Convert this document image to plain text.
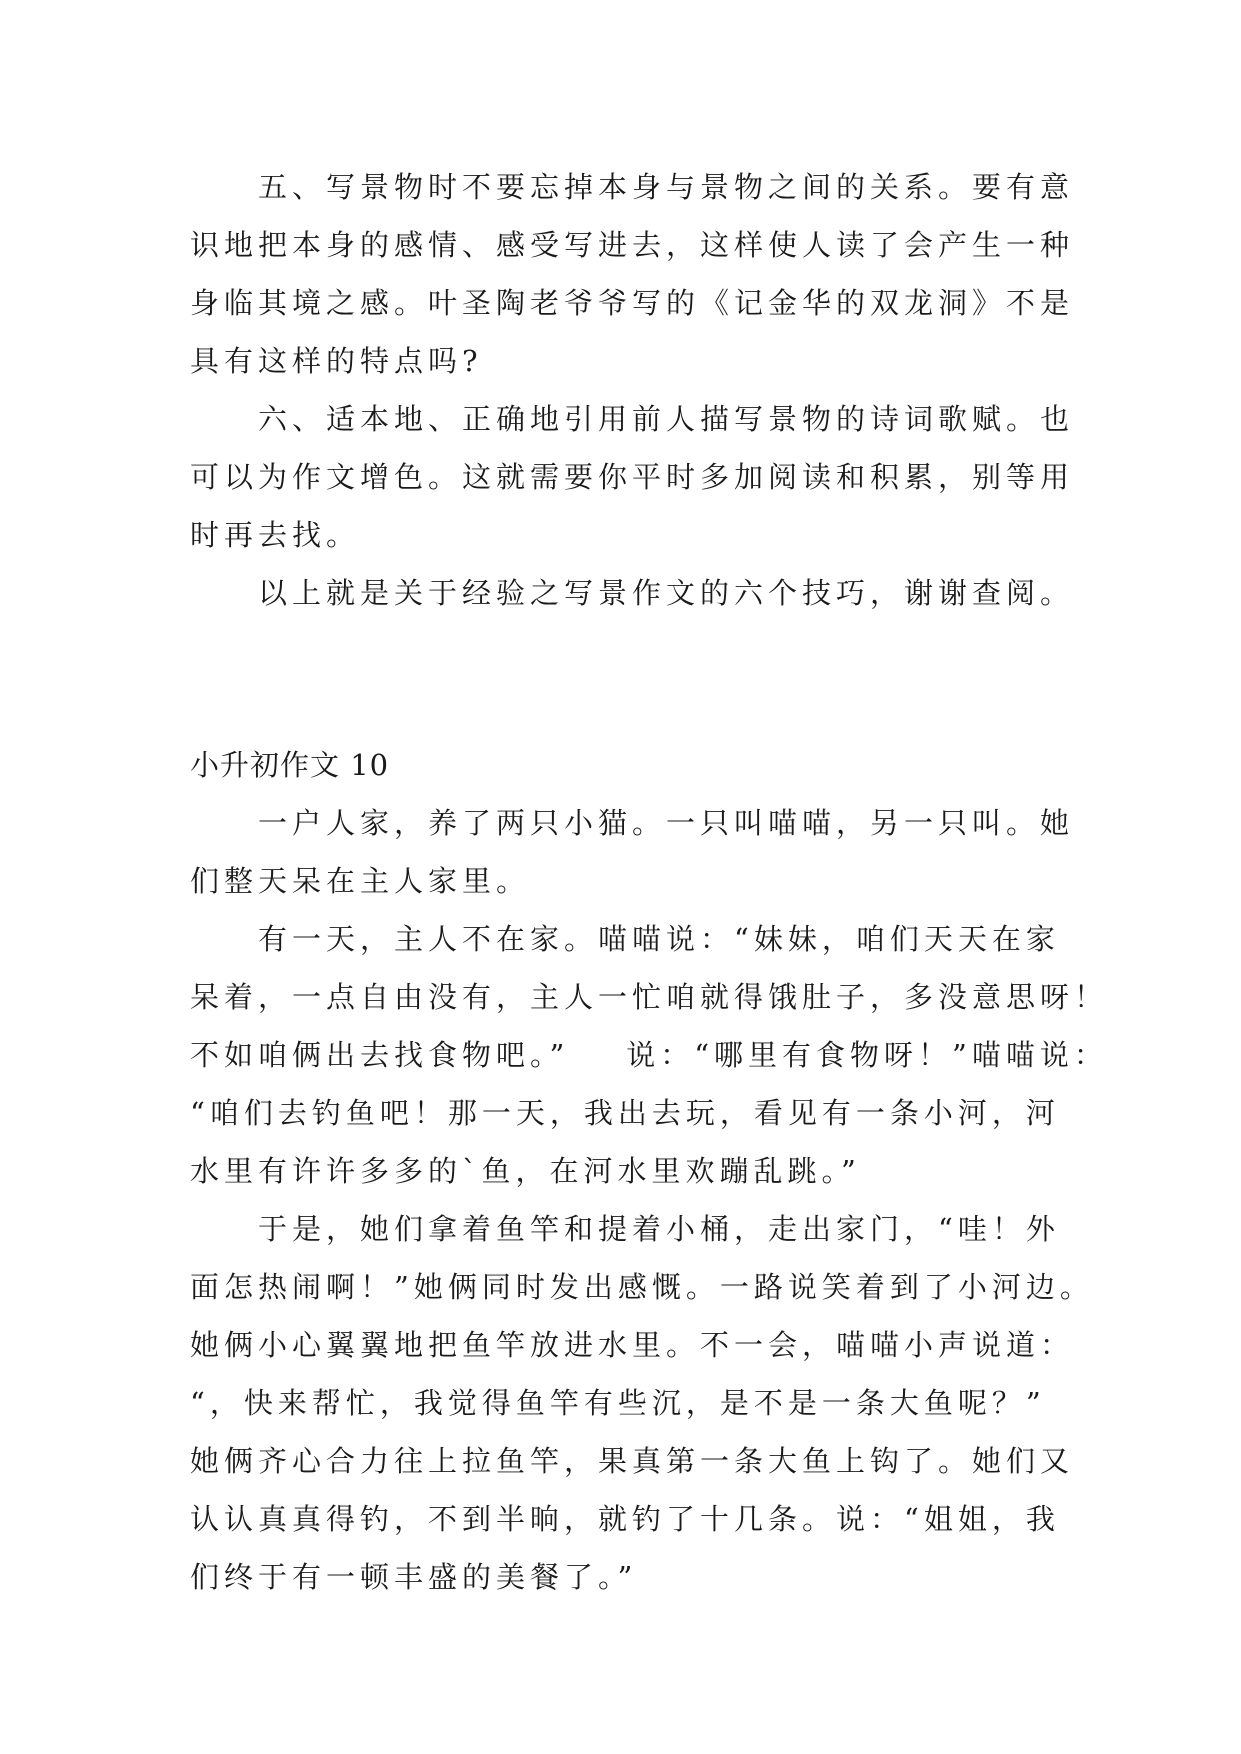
五、写景物时不要忘掉本身与景物之间的关系。要有意
识地把本身的感情、感受写进去，这样使人读了会产生一种
身临其境之感。叶圣陶老爷爷写的《记金华的双龙洞》不是
具有这样的特点吗?
六、适本地、正确地引用前人描写景物的诗词歌赋。也
可以为作文增色。这就需要你平时多加阅读和积累，别等用
时再去找。
以上就是关于经验之写景作文的六个技巧，谢谢查阅。
小升初作文 10
一户人家，养了两只小猫。一只叫喵喵，另一只叫。她
们整天呆在主人家里。
有一天，主人不在家。喵喵说：“妹妹，咱们天天在家
呆着，一点自由没有，主人一忙咱就得饿肚子，多没意思呀！
不如咱俩出去找食物吧。”    说：“哪里有食物呀！”喵喵说：
“咱们去钓鱼吧！那一天，我出去玩，看见有一条小河，河
水里有许许多多的`鱼，在河水里欢蹦乱跳。”
于是，她们拿着鱼竿和提着小桶，走出家门，“哇！外
面怎热闹啊！”她俩同时发出感慨。一路说笑着到了小河边。
她俩小心翼翼地把鱼竿放进水里。不一会，喵喵小声说道：
“，快来帮忙，我觉得鱼竿有些沉，是不是一条大鱼呢？”
她俩齐心合力往上拉鱼竿，果真第一条大鱼上钩了。她们又
认认真真得钓，不到半晌，就钓了十几条。说：“姐姐，我
们终于有一顿丰盛的美餐了。”
